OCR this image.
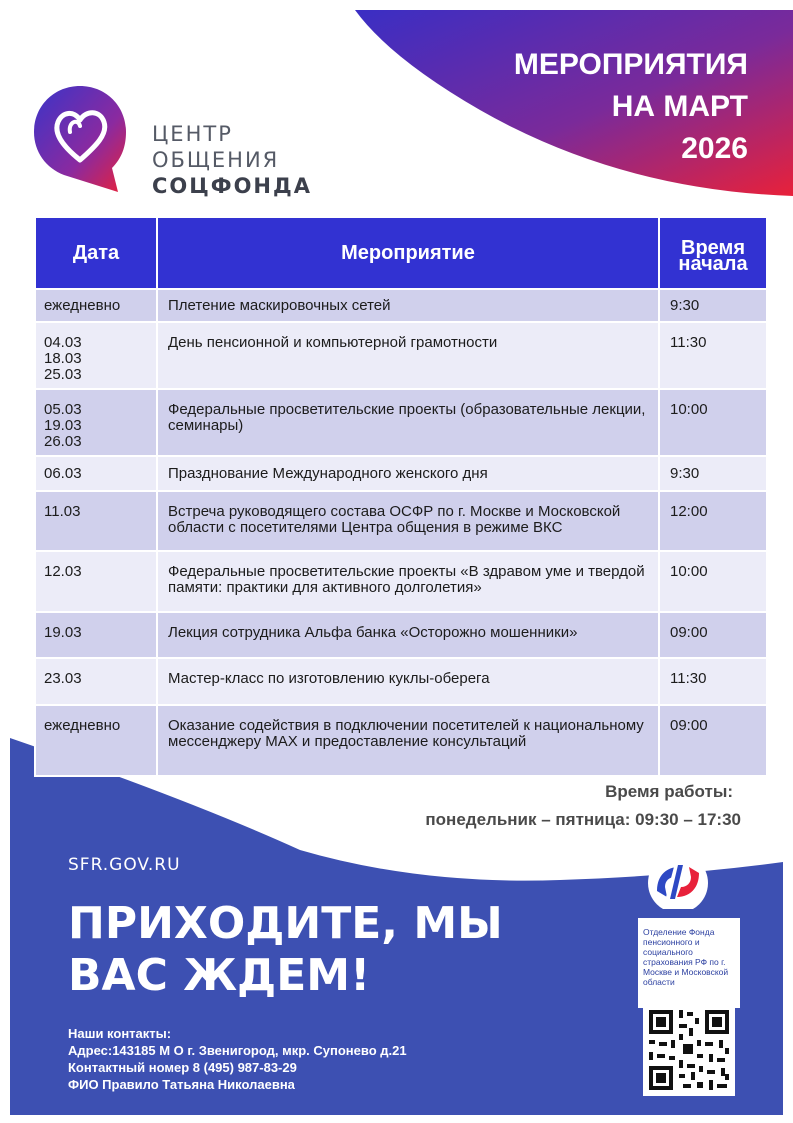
ЦЕНТР
ОБЩЕНИЯ
СОЦФОНДА
МЕРОПРИЯТИЯ
НА МАРТ
2026
Дата	Мероприятие	Время начала
ежедневно	Плетение маскировочных сетей	9:30
04.03
18.03
25.03	День пенсионной и компьютерной грамотности	11:30
05.03
19.03
26.03	Федеральные просветительские проекты (образовательные лекции, семинары)	10:00
06.03	Празднование Международного женского дня	9:30
11.03	Встреча руководящего состава ОСФР по г. Москве и Московской области с посетителями Центра общения в режиме ВКС	12:00
12.03	Федеральные просветительские проекты «В здравом уме и твердой памяти: практики для активного долголетия»	10:00
19.03	Лекция сотрудника Альфа банка «Осторожно мошенники»	09:00
23.03	Мастер-класс по изготовлению куклы-оберега	11:30
ежедневно	Оказание содействия в подключении посетителей к национальному мессенджеру MAX и предоставление консультаций	09:00
Время работы:
понедельник – пятница: 09:30 – 17:30
SFR.GOV.RU
ПРИХОДИТЕ, МЫ ВАС ЖДЕМ!
Наши контакты:
Адрес:143185 М О г. Звенигород, мкр. Супонево д.21
Контактный номер 8 (495) 987-83-29
ФИО Правило Татьяна Николаевна
Отделение Фонда пенсионного и социального страхования РФ по г. Москве и Московской области
